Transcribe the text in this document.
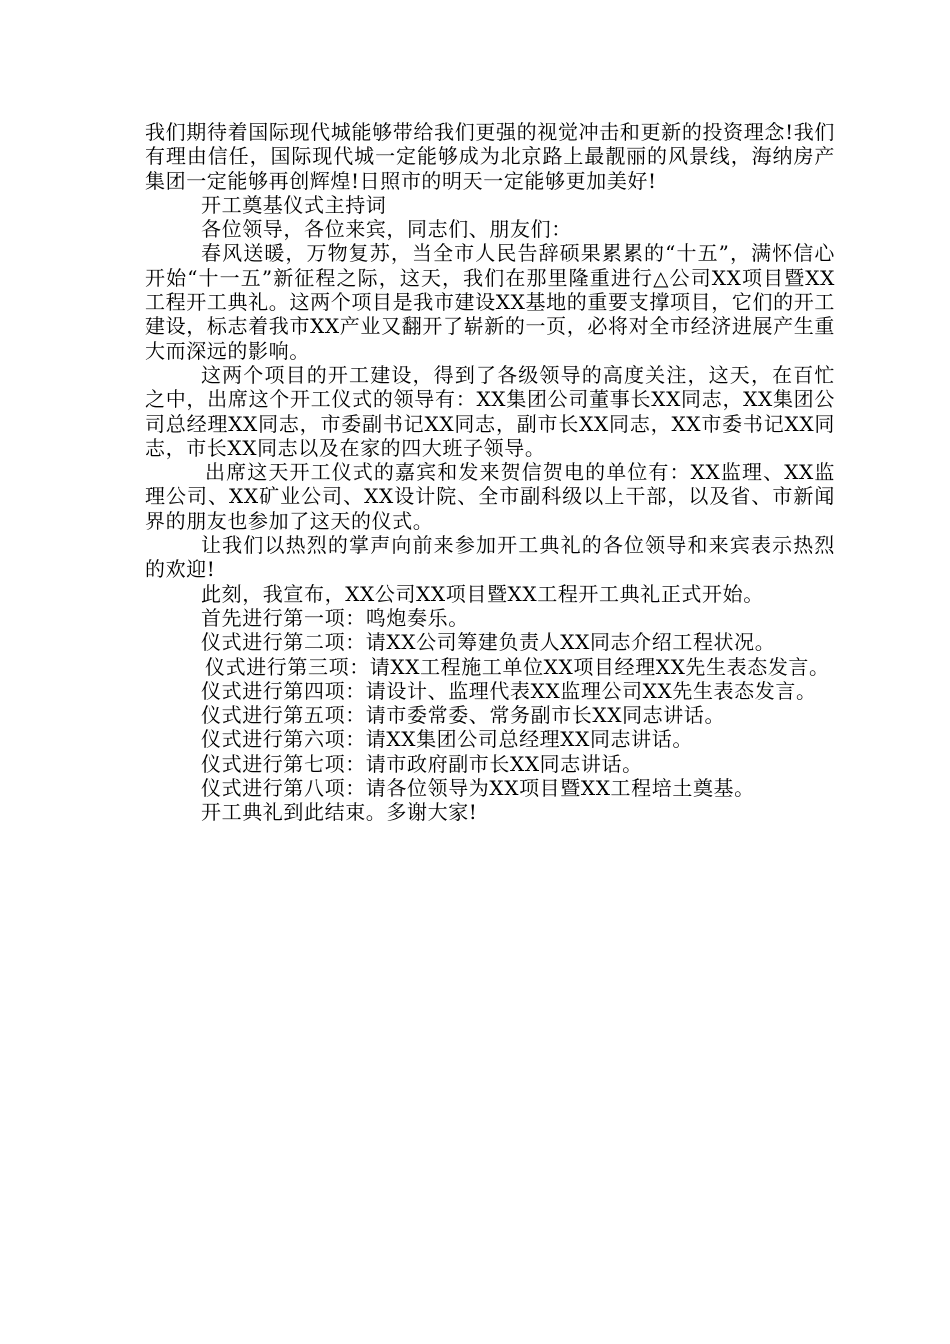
我们期待着国际现代城能够带给我们更强的视觉冲击和更新的投资理念!我们有理由信任，国际现代城一定能够成为北京路上最靓丽的风景线，海纳房产集团一定能够再创辉煌!日照市的明天一定能够更加美好!

开工奠基仪式主持词

各位领导，各位来宾，同志们、朋友们：

春风送暖，万物复苏，当全市人民告辞硕果累累的“十五”，满怀信心开始“十一五”新征程之际，这天，我们在那里隆重进行△公司XX项目暨XX工程开工典礼。这两个项目是我市建设XX基地的重要支撑项目，它们的开工建设，标志着我市XX产业又翻开了崭新的一页，必将对全市经济进展产生重大而深远的影响。

这两个项目的开工建设，得到了各级领导的高度关注，这天，在百忙之中，出席这个开工仪式的领导有：XX集团公司董事长XX同志，XX集团公司总经理XX同志，市委副书记XX同志，副市长XX同志，XX市委书记XX同志，市长XX同志以及在家的四大班子领导。

出席这天开工仪式的嘉宾和发来贺信贺电的单位有：XX监理、XX监理公司、XX矿业公司、XX设计院、全市副科级以上干部，以及省、市新闻界的朋友也参加了这天的仪式。

让我们以热烈的掌声向前来参加开工典礼的各位领导和来宾表示热烈的欢迎!

此刻，我宣布，XX公司XX项目暨XX工程开工典礼正式开始。

首先进行第一项：鸣炮奏乐。

仪式进行第二项：请XX公司筹建负责人XX同志介绍工程状况。

仪式进行第三项：请XX工程施工单位XX项目经理XX先生表态发言。

仪式进行第四项：请设计、监理代表XX监理公司XX先生表态发言。

仪式进行第五项：请市委常委、常务副市长XX同志讲话。

仪式进行第六项：请XX集团公司总经理XX同志讲话。

仪式进行第七项：请市政府副市长XX同志讲话。

仪式进行第八项：请各位领导为XX项目暨XX工程培土奠基。

开工典礼到此结束。多谢大家!
